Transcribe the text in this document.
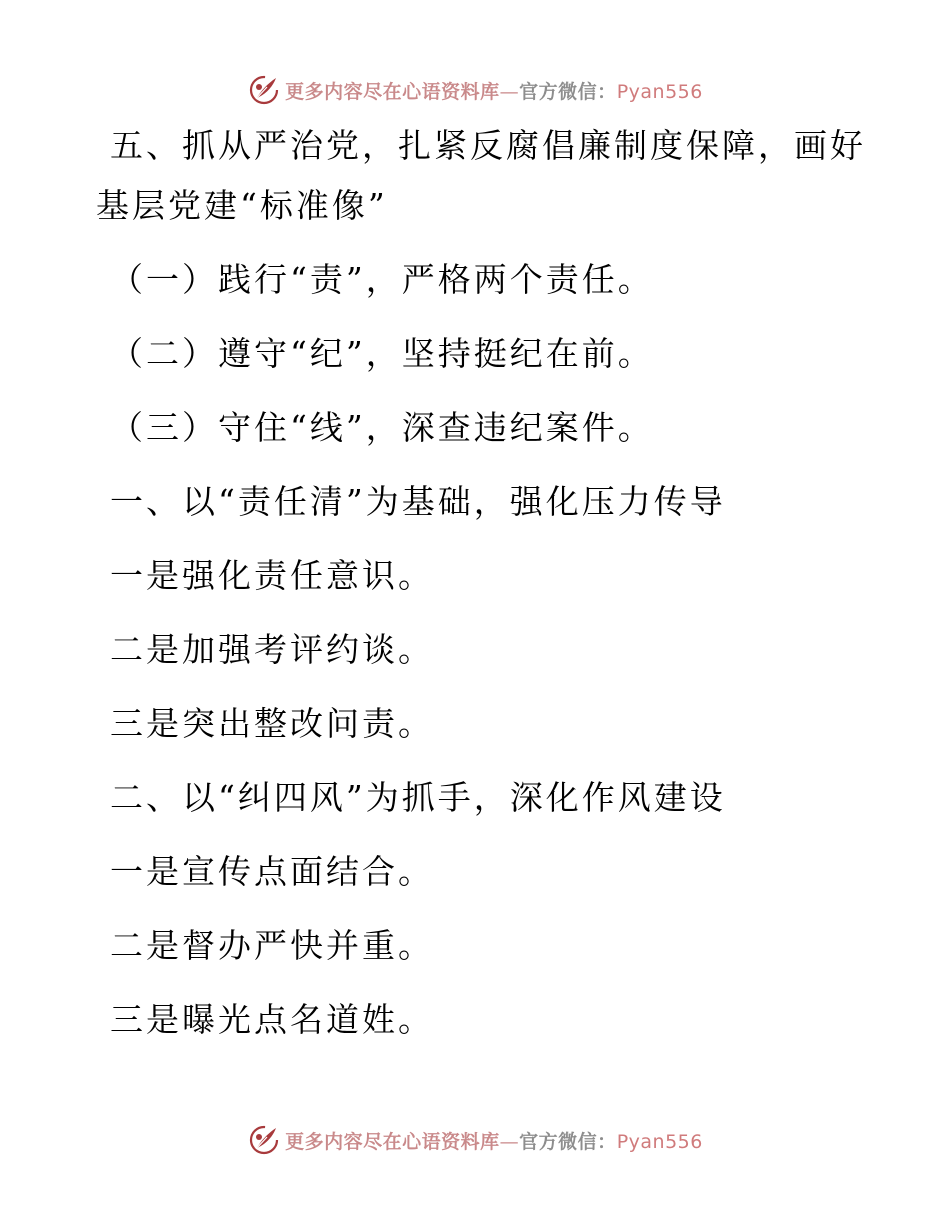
更多内容尽在心语资料库—官方微信：Pyan556
五、抓从严治党，扎紧反腐倡廉制度保障，画好
基层党建“标准像”
（一）践行“责”，严格两个责任。
（二）遵守“纪”，坚持挺纪在前。
（三）守住“线”，深查违纪案件。
一、以“责任清”为基础，强化压力传导
一是强化责任意识。
二是加强考评约谈。
三是突出整改问责。
二、以“纠四风”为抓手，深化作风建设
一是宣传点面结合。
二是督办严快并重。
三是曝光点名道姓。
更多内容尽在心语资料库—官方微信：Pyan556
